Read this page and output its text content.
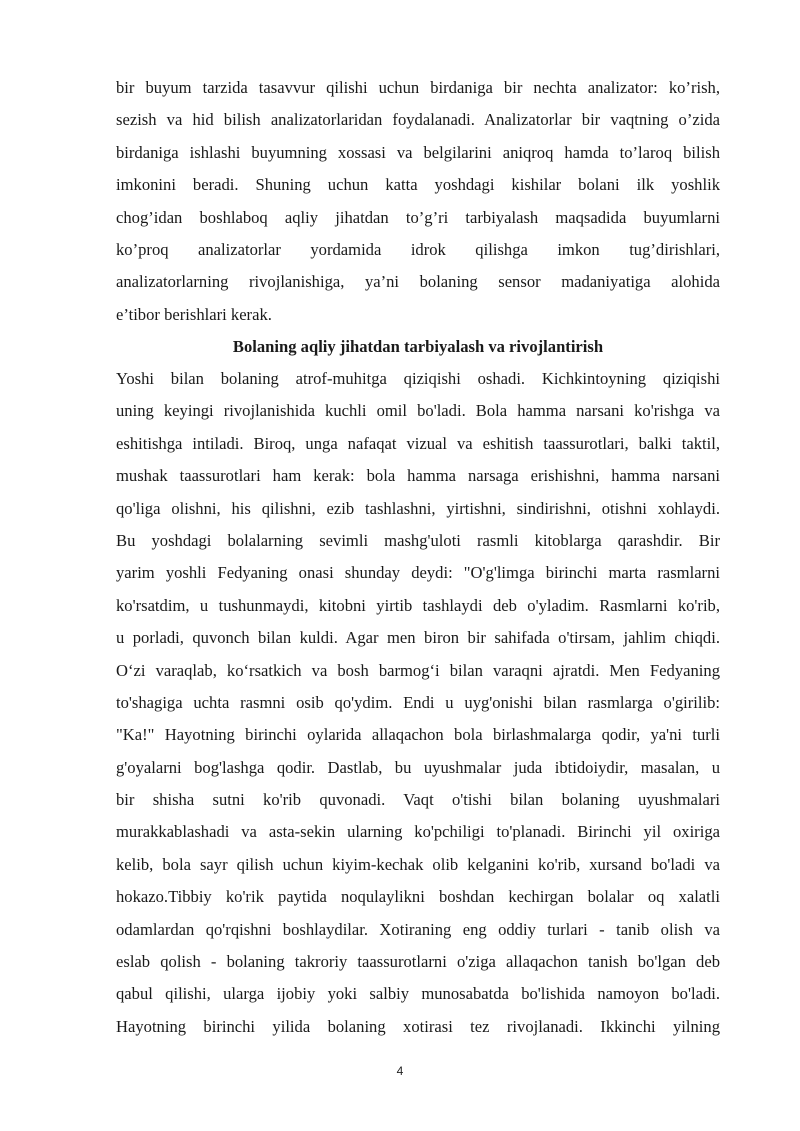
bir buyum tarzida tasavvur qilishi uchun birdaniga bir nechta analizator: ko’rish,
sezish va hid bilish analizatorlaridan foydalanadi. Analizatorlar bir vaqtning o’zida
birdaniga ishlashi buyumning xossasi va belgilarini aniqroq hamda to’laroq bilish
imkonini beradi. Shuning uchun katta yoshdagi kishilar bolani ilk yoshlik
chog’idan boshlaboq aqliy jihatdan to’g’ri tarbiyalash maqsadida buyumlarni
ko’proq analizatorlar yordamida idrok qilishga imkon tug’dirishlari,
analizatorlarning rivojlanishiga, ya’ni bolaning sensor madaniyatiga alohida
e’tibor berishlari kerak.
Bolaning aqliy jihatdan tarbiyalash va rivojlantirish
Yoshi bilan bolaning atrof-muhitga qiziqishi oshadi. Kichkintoyning qiziqishi
uning keyingi rivojlanishida kuchli omil bo'ladi. Bola hamma narsani ko'rishga va
eshitishga intiladi. Biroq, unga nafaqat vizual va eshitish taassurotlari, balki taktil,
mushak taassurotlari ham kerak: bola hamma narsaga erishishni, hamma narsani
qo'liga olishni, his qilishni, ezib tashlashni, yirtishni, sindirishni, otishni xohlaydi.
Bu yoshdagi bolalarning sevimli mashg'uloti rasmli kitoblarga qarashdir. Bir
yarim yoshli Fedyaning onasi shunday deydi: "O'g'limga birinchi marta rasmlarni
ko'rsatdim, u tushunmaydi, kitobni yirtib tashlaydi deb o'yladim. Rasmlarni ko'rib,
u porladi, quvonch bilan kuldi. Agar men biron bir sahifada o'tirsam, jahlim chiqdi.
O‘zi varaqlab, ko‘rsatkich va bosh barmog‘i bilan varaqni ajratdi. Men Fedyaning
to'shagiga uchta rasmni osib qo'ydim. Endi u uyg'onishi bilan rasmlarga o'girilib:
"Ka!" Hayotning birinchi oylarida allaqachon bola birlashmalarga qodir, ya'ni turli
g'oyalarni bog'lashga qodir. Dastlab, bu uyushmalar juda ibtidoiydir, masalan, u
bir shisha sutni ko'rib quvonadi. Vaqt o'tishi bilan bolaning uyushmalari
murakkablashadi va asta-sekin ularning ko'pchiligi to'planadi. Birinchi yil oxiriga
kelib, bola sayr qilish uchun kiyim-kechak olib kelganini ko'rib, xursand bo'ladi va
hokazo.Tibbiy ko'rik paytida noqulaylikni boshdan kechirgan bolalar oq xalatli
odamlardan qo'rqishni boshlaydilar. Xotiraning eng oddiy turlari - tanib olish va
eslab qolish - bolaning takroriy taassurotlarni o'ziga allaqachon tanish bo'lgan deb
qabul qilishi, ularga ijobiy yoki salbiy munosabatda bo'lishida namoyon bo'ladi.
Hayotning birinchi yilida bolaning xotirasi tez rivojlanadi. Ikkinchi yilning
4
